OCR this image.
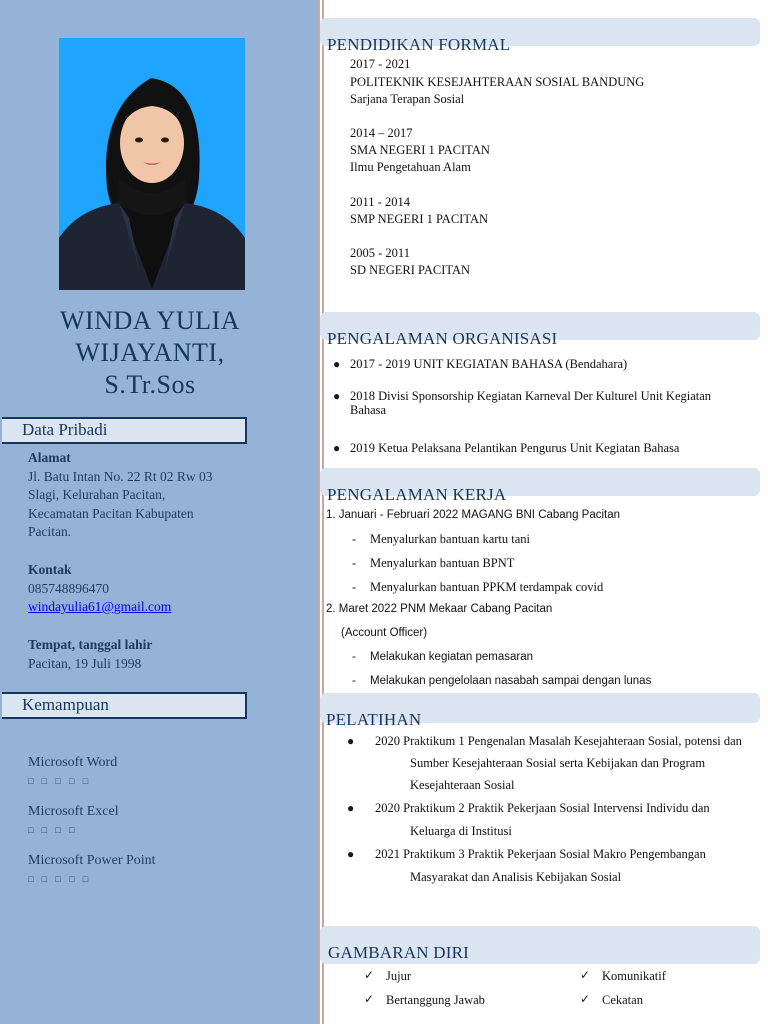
WINDA YULIA
WIJAYANTI,
S.Tr.Sos
Data Pribadi
Alamat
Jl. Batu Intan No. 22 Rt 02 Rw 03
Slagi, Kelurahan Pacitan,
Kecamatan Pacitan Kabupaten
Pacitan.
Kontak
085748896470
windayulia61@gmail.com
Tempat, tanggal lahir
Pacitan, 19 Juli 1998
Kemampuan
Microsoft Word
□ □ □ □ □
Microsoft Excel
□ □ □ □
Microsoft Power Point
□ □ □ □ □
PENDIDIKAN FORMAL
2017 - 2021
POLITEKNIK KESEJAHTERAAN SOSIAL BANDUNG
Sarjana Terapan Sosial
2014 – 2017
SMA NEGERI 1 PACITAN
Ilmu Pengetahuan Alam
2011 - 2014
SMP NEGERI 1 PACITAN
2005 - 2011
SD NEGERI PACITAN
PENGALAMAN ORGANISASI
● 2017 - 2019 UNIT KEGIATAN BAHASA (Bendahara)
● 2018 Divisi Sponsorship Kegiatan Karneval Der Kulturel Unit Kegiatan
Bahasa
● 2019 Ketua Pelaksana Pelantikan Pengurus Unit Kegiatan Bahasa
PENGALAMAN KERJA
1. Januari - Februari 2022 MAGANG BNI Cabang Pacitan
- Menyalurkan bantuan kartu tani
- Menyalurkan bantuan BPNT
- Menyalurkan bantuan PPKM terdampak covid
2. Maret 2022 PNM Mekaar Cabang Pacitan
(Account Officer)
- Melakukan kegiatan pemasaran
- Melakukan pengelolaan nasabah sampai dengan lunas
PELATIHAN
● 2020 Praktikum 1 Pengenalan Masalah Kesejahteraan Sosial, potensi dan
Sumber Kesejahteraan Sosial serta Kebijakan dan Program
Kesejahteraan Sosial
● 2020 Praktikum 2 Praktik Pekerjaan Sosial Intervensi Individu dan
Keluarga di Institusi
● 2021 Praktikum 3 Praktik Pekerjaan Sosial Makro Pengembangan
Masyarakat dan Analisis Kebijakan Sosial
GAMBARAN DIRI
✓ Jujur	✓ Komunikatif
✓ Bertanggung Jawab	✓ Cekatan
